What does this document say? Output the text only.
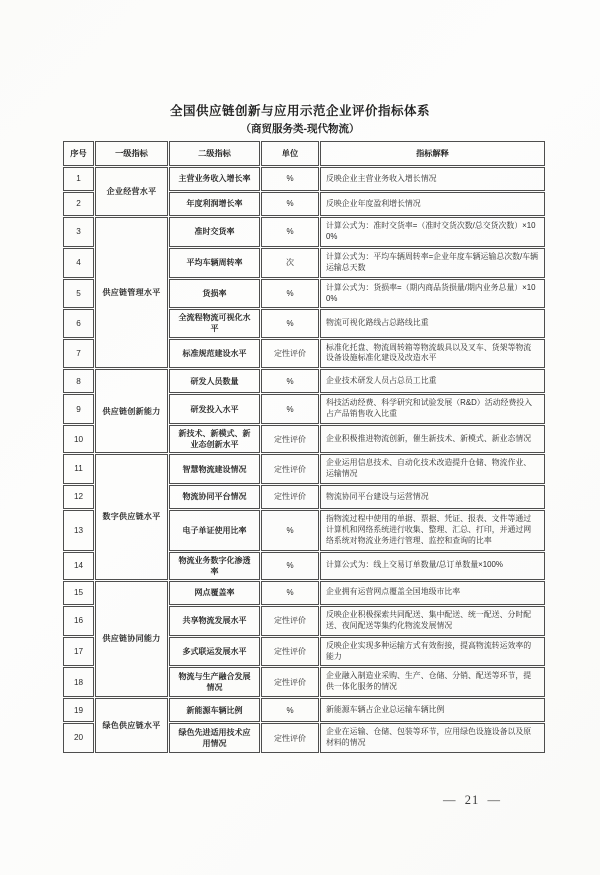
全国供应链创新与应用示范企业评价指标体系
（商贸服务类-现代物流）
序号	一级指标	二级指标	单位	指标解释
1	企业经营水平	主营业务收入增长率	%	反映企业主营业务收入增长情况
2		年度利润增长率	%	反映企业年度盈利增长情况
3	供应链管理水平	准时交货率	%	计算公式为：准时交货率=（准时交货次数/总交货次数）×100%
4		平均车辆周转率	次	计算公式为：平均车辆周转率=企业年度车辆运输总次数/车辆运输总天数
5		货损率	%	计算公式为：货损率=（期内商品货损量/期内业务总量）×100%
6		全流程物流可视化水平	%	物流可视化路线占总路线比重
7		标准规范建设水平	定性评价	标准化托盘、物流周转箱等物流载具以及叉车、货架等物流设备设施标准化建设及改造水平
8	供应链创新能力	研发人员数量	%	企业技术研发人员占总员工比重
9		研发投入水平	%	科技活动经费、科学研究和试验发展（R&D）活动经费投入占产品销售收入比重
10		新技术、新模式、新业态创新水平	定性评价	企业积极推进物流创新，催生新技术、新模式、新业态情况
11	数字供应链水平	智慧物流建设情况	定性评价	企业运用信息技术、自动化技术改造提升仓储、物流作业、运输情况
12		物流协同平台情况	定性评价	物流协同平台建设与运营情况
13		电子单证使用比率	%	指物流过程中使用的单据、票据、凭证、报表、文件等通过计算机和网络系统进行收集、整理、汇总、打印，并通过网络系统对物流业务进行管理、监控和查询的比率
14		物流业务数字化渗透率	%	计算公式为：线上交易订单数量/总订单数量×100%
15	供应链协同能力	网点覆盖率	%	企业拥有运营网点覆盖全国地级市比率
16		共享物流发展水平	定性评价	反映企业积极探索共同配送、集中配送、统一配送、分时配送、夜间配送等集约化物流发展情况
17		多式联运发展水平	定性评价	反映企业实现多种运输方式有效衔接，提高物流转运效率的能力
18		物流与生产融合发展情况	定性评价	企业融入制造业采购、生产、仓储、分销、配送等环节，提供一体化服务的情况
19	绿色供应链水平	新能源车辆比例	%	新能源车辆占企业总运输车辆比例
20		绿色先进适用技术应用情况	定性评价	企业在运输、仓储、包装等环节，应用绿色设施设备以及原材料的情况
—  21  —
